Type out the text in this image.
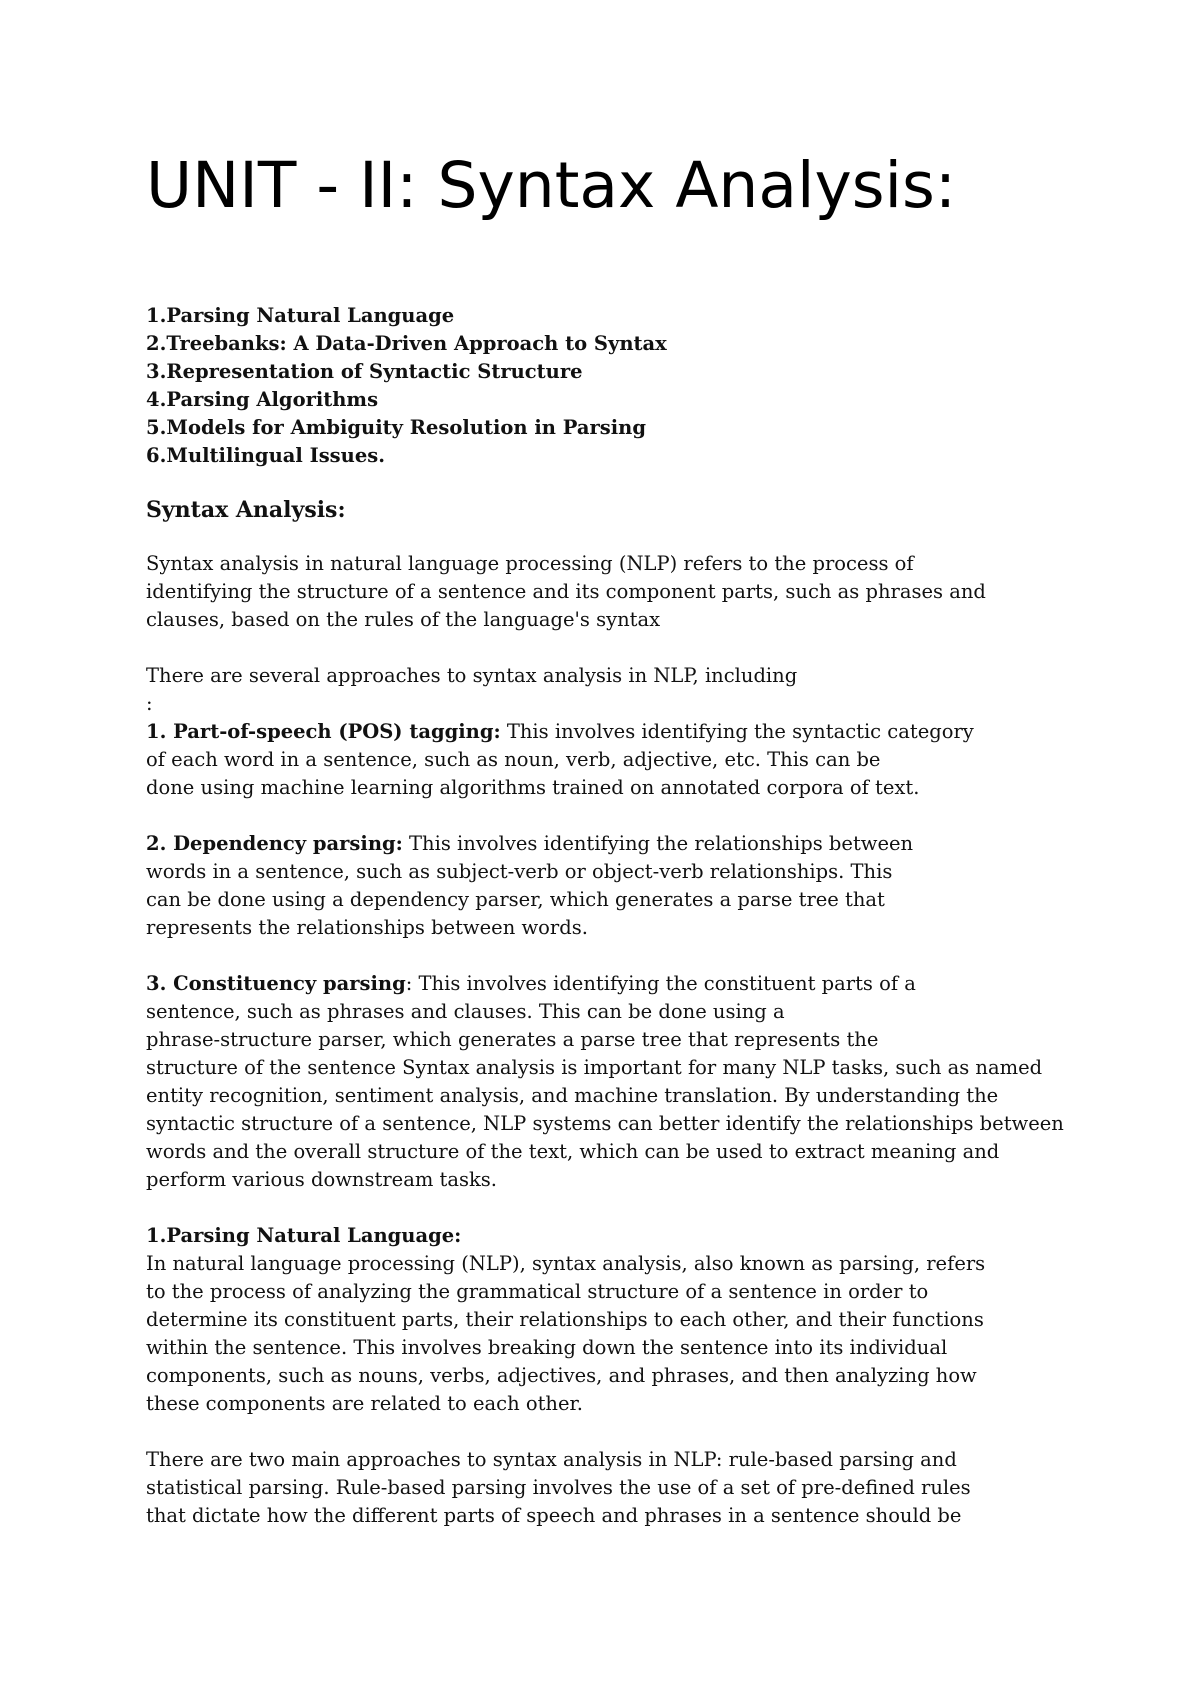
UNIT - II: Syntax Analysis:
1.Parsing Natural Language
2.Treebanks: A Data-Driven Approach to Syntax
3.Representation of Syntactic Structure
4.Parsing Algorithms
5.Models for Ambiguity Resolution in Parsing
6.Multilingual Issues.

Syntax Analysis:

Syntax analysis in natural language processing (NLP) refers to the process of
identifying the structure of a sentence and its component parts, such as phrases and
clauses, based on the rules of the language's syntax

There are several approaches to syntax analysis in NLP, including
:

1. Part-of-speech (POS) tagging: This involves identifying the syntactic category
of each word in a sentence, such as noun, verb, adjective, etc. This can be
done using machine learning algorithms trained on annotated corpora of text.

2. Dependency parsing: This involves identifying the relationships between
words in a sentence, such as subject-verb or object-verb relationships. This
can be done using a dependency parser, which generates a parse tree that
represents the relationships between words.

3. Constituency parsing: This involves identifying the constituent parts of a
sentence, such as phrases and clauses. This can be done using a
phrase-structure parser, which generates a parse tree that represents the
structure of the sentence Syntax analysis is important for many NLP tasks, such as named
entity recognition, sentiment analysis, and machine translation. By understanding the
syntactic structure of a sentence, NLP systems can better identify the relationships between
words and the overall structure of the text, which can be used to extract meaning and
perform various downstream tasks.

1.Parsing Natural Language:
In natural language processing (NLP), syntax analysis, also known as parsing, refers
to the process of analyzing the grammatical structure of a sentence in order to
determine its constituent parts, their relationships to each other, and their functions
within the sentence. This involves breaking down the sentence into its individual
components, such as nouns, verbs, adjectives, and phrases, and then analyzing how
these components are related to each other.

There are two main approaches to syntax analysis in NLP: rule-based parsing and
statistical parsing. Rule-based parsing involves the use of a set of pre-defined rules
that dictate how the different parts of speech and phrases in a sentence should be
